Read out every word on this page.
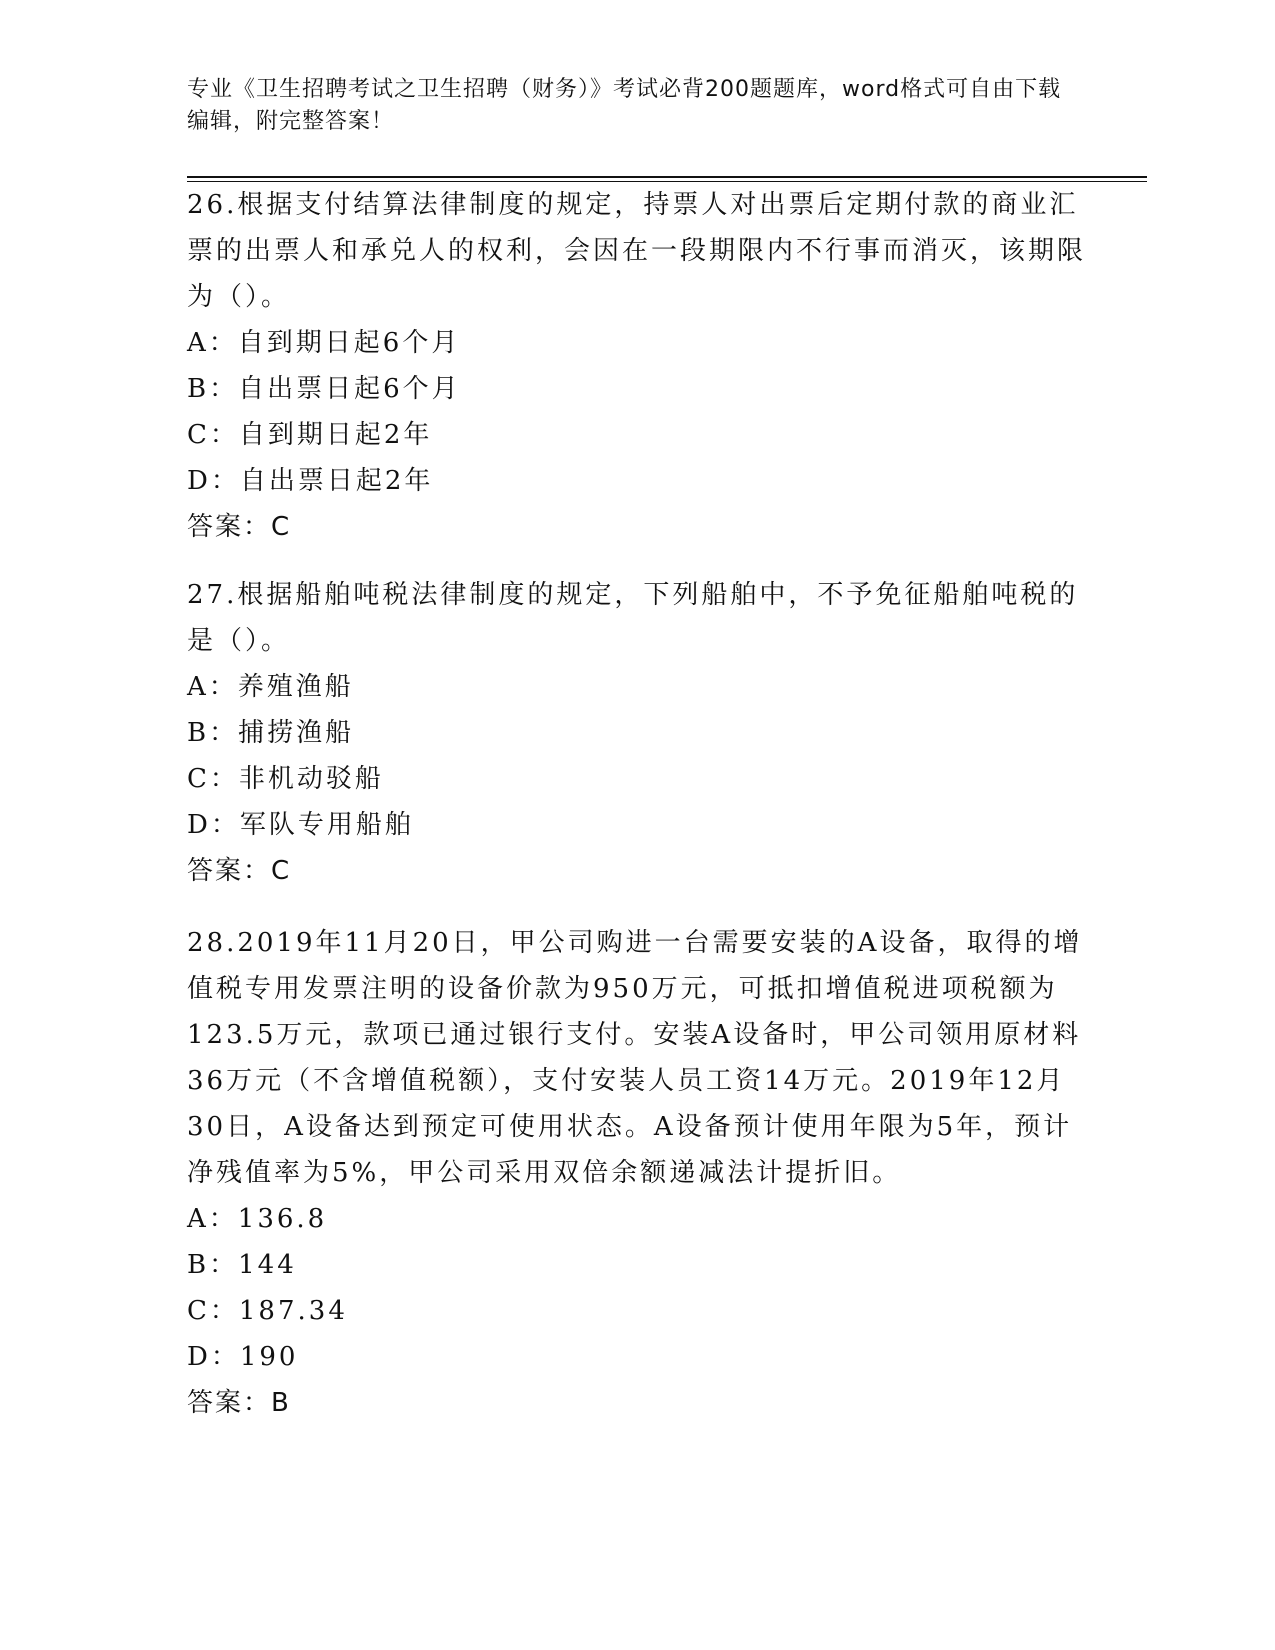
专业《卫生招聘考试之卫生招聘（财务）》考试必背200题题库，word格式可自由下载编辑，附完整答案！

26.根据支付结算法律制度的规定，持票人对出票后定期付款的商业汇票的出票人和承兑人的权利，会因在一段期限内不行事而消灭，该期限为（）。

A：自到期日起6个月
B：自出票日起6个月
C：自到期日起2年
D：自出票日起2年

答案：C

27.根据船舶吨税法律制度的规定，下列船舶中，不予免征船舶吨税的是（）。

A：养殖渔船
B：捕捞渔船
C：非机动驳船
D：军队专用船舶

答案：C

28.2019年11月20日，甲公司购进一台需要安装的A设备，取得的增值税专用发票注明的设备价款为950万元，可抵扣增值税进项税额为123.5万元，款项已通过银行支付。安装A设备时，甲公司领用原材料36万元（不含增值税额），支付安装人员工资14万元。2019年12月30日，A设备达到预定可使用状态。A设备预计使用年限为5年，预计净残值率为5%，甲公司采用双倍余额递减法计提折旧。

A：136.8
B：144
C：187.34
D：190

答案：B
